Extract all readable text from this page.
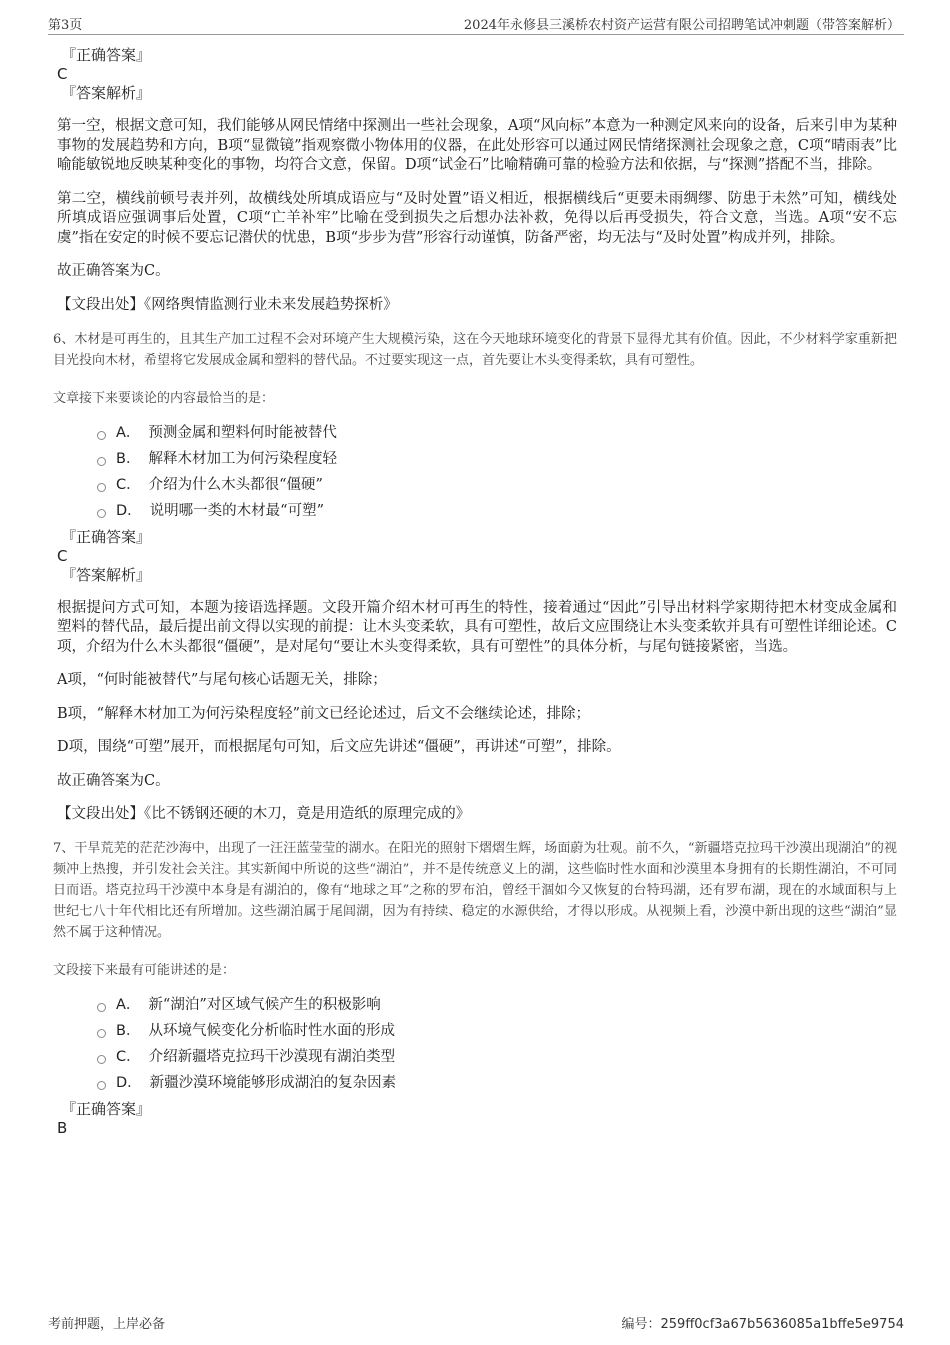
第3页	2024年永修县三溪桥农村资产运营有限公司招聘笔试冲刺题（带答案解析）
『正确答案』
C
『答案解析』

第一空，根据文意可知，我们能够从网民情绪中探测出一些社会现象，A项“风向标”本意为一种测定风来向的设备，后来引申为某种事物的发展趋势和方向，B项“显微镜”指观察微小物体用的仪器，在此处形容可以通过网民情绪探测社会现象之意，C项“晴雨表”比喻能敏锐地反映某种变化的事物，均符合文意，保留。D项“试金石”比喻精确可靠的检验方法和依据，与“探测”搭配不当，排除。

第二空，横线前顿号表并列，故横线处所填成语应与“及时处置”语义相近，根据横线后“更要未雨绸缪、防患于未然”可知，横线处所填成语应强调事后处置，C项“亡羊补牢”比喻在受到损失之后想办法补救，免得以后再受损失，符合文意，当选。A项“安不忘虞”指在安定的时候不要忘记潜伏的忧患，B项“步步为营”形容行动谨慎，防备严密，均无法与“及时处置”构成并列，排除。

故正确答案为C。

【文段出处】《网络舆情监测行业未来发展趋势探析》

6、木材是可再生的，且其生产加工过程不会对环境产生大规模污染，这在今天地球环境变化的背景下显得尤其有价值。因此，不少材料学家重新把目光投向木材，希望将它发展成金属和塑料的替代品。不过要实现这一点，首先要让木头变得柔软，具有可塑性。

文章接下来要谈论的内容最恰当的是：

A． 预测金属和塑料何时能被替代
B． 解释木材加工为何污染程度轻
C． 介绍为什么木头都很“僵硬”
D． 说明哪一类的木材最“可塑”
『正确答案』
C
『答案解析』

根据提问方式可知，本题为接语选择题。文段开篇介绍木材可再生的特性，接着通过“因此”引导出材料学家期待把木材变成金属和塑料的替代品，最后提出前文得以实现的前提：让木头变柔软，具有可塑性，故后文应围绕让木头变柔软并具有可塑性详细论述。C项，介绍为什么木头都很“僵硬”，是对尾句“要让木头变得柔软，具有可塑性”的具体分析，与尾句链接紧密，当选。

A项，“何时能被替代”与尾句核心话题无关，排除；

B项，“解释木材加工为何污染程度轻”前文已经论述过，后文不会继续论述，排除；

D项，围绕“可塑”展开，而根据尾句可知，后文应先讲述“僵硬”，再讲述“可塑”，排除。

故正确答案为C。

【文段出处】《比不锈钢还硬的木刀，竟是用造纸的原理完成的》

7、干旱荒芜的茫茫沙海中，出现了一汪汪蓝莹莹的湖水。在阳光的照射下熠熠生辉，场面蔚为壮观。前不久，“新疆塔克拉玛干沙漠出现湖泊”的视频冲上热搜，并引发社会关注。其实新闻中所说的这些“湖泊”，并不是传统意义上的湖，这些临时性水面和沙漠里本身拥有的长期性湖泊，不可同日而语。塔克拉玛干沙漠中本身是有湖泊的，像有“地球之耳”之称的罗布泊，曾经干涸如今又恢复的台特玛湖，还有罗布湖，现在的水域面积与上世纪七八十年代相比还有所增加。这些湖泊属于尾闾湖，因为有持续、稳定的水源供给，才得以形成。从视频上看，沙漠中新出现的这些“湖泊”显然不属于这种情况。

文段接下来最有可能讲述的是：

A． 新“湖泊”对区域气候产生的积极影响
B． 从环境气候变化分析临时性水面的形成
C． 介绍新疆塔克拉玛干沙漠现有湖泊类型
D． 新疆沙漠环境能够形成湖泊的复杂因素
『正确答案』
B
考前押题，上岸必备	编号：259ff0cf3a67b5636085a1bffe5e9754
